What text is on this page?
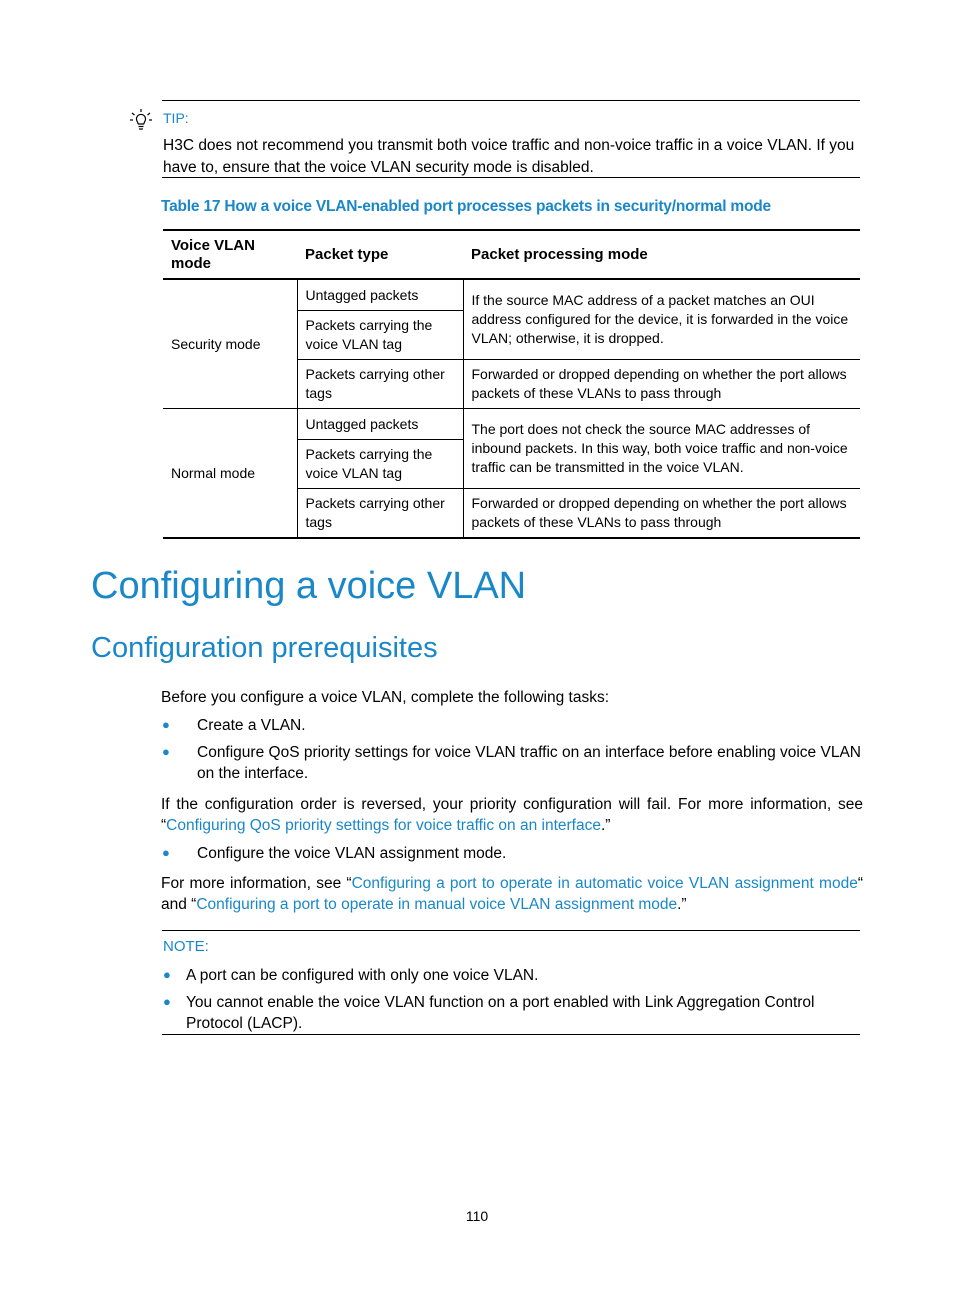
TIP:
H3C does not recommend you transmit both voice traffic and non-voice traffic in a voice VLAN. If you have to, ensure that the voice VLAN security mode is disabled.
Table 17 How a voice VLAN-enabled port processes packets in security/normal mode
Voice VLAN mode	Packet type	Packet processing mode
Security mode	Untagged packets	If the source MAC address of a packet matches an OUI address configured for the device, it is forwarded in the voice VLAN; otherwise, it is dropped.
	Packets carrying the voice VLAN tag	
	Packets carrying other tags	Forwarded or dropped depending on whether the port allows packets of these VLANs to pass through
Normal mode	Untagged packets	The port does not check the source MAC addresses of inbound packets. In this way, both voice traffic and non-voice traffic can be transmitted in the voice VLAN.
	Packets carrying the voice VLAN tag	
	Packets carrying other tags	Forwarded or dropped depending on whether the port allows packets of these VLANs to pass through
Configuring a voice VLAN
Configuration prerequisites
Before you configure a voice VLAN, complete the following tasks:
● Create a VLAN.
● Configure QoS priority settings for voice VLAN traffic on an interface before enabling voice VLAN on the interface.
If the configuration order is reversed, your priority configuration will fail. For more information, see “Configuring QoS priority settings for voice traffic on an interface.”
● Configure the voice VLAN assignment mode.
For more information, see “Configuring a port to operate in automatic voice VLAN assignment mode“ and “Configuring a port to operate in manual voice VLAN assignment mode.”
NOTE:
● A port can be configured with only one voice VLAN.
● You cannot enable the voice VLAN function on a port enabled with Link Aggregation Control Protocol (LACP).
110
